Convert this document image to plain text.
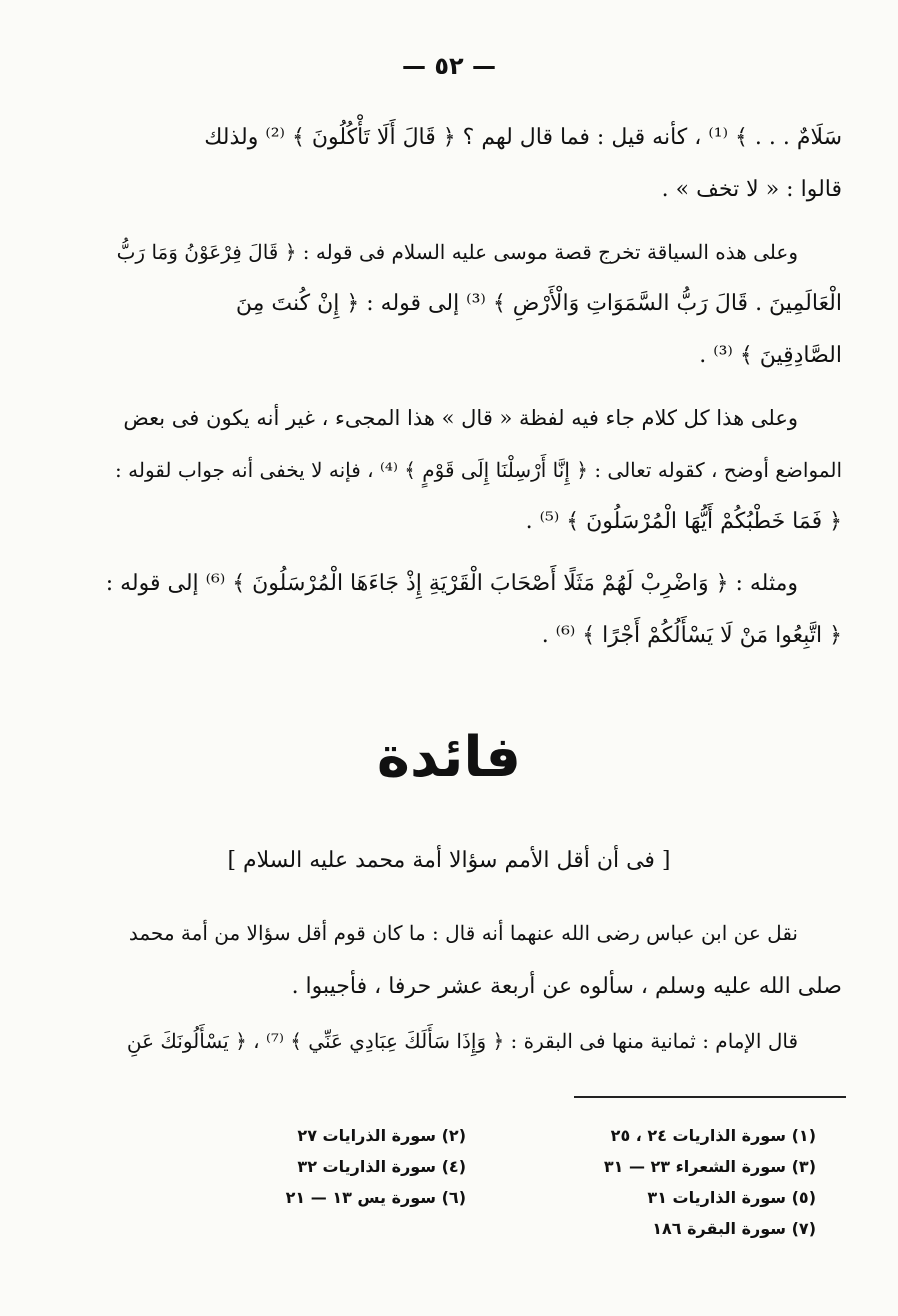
— ٥٢ —
سَلَامٌ . . . ﴾ ⁽¹⁾ ، كأنه قيل : فما قال لهم ؟ ﴿ قَالَ أَلَا تَأْكُلُونَ ﴾ ⁽²⁾ ولذلك
قالوا : « لا تخف » .
وعلى هذه السياقة تخرج قصة موسى عليه السلام فى قوله : ﴿ قَالَ فِرْعَوْنُ وَمَا رَبُّ
الْعَالَمِينَ . قَالَ رَبُّ السَّمَوَاتِ وَالْأَرْضِ ﴾ ⁽³⁾ إلى قوله : ﴿ إِنْ كُنتَ مِنَ
الصَّادِقِينَ ﴾ ⁽³⁾ .
وعلى هذا كل كلام جاء فيه لفظة « قال » هذا المجىء ، غير أنه يكون فى بعض
المواضع أوضح ، كقوله تعالى : ﴿ إِنَّا أَرْسِلْنَا إِلَى قَوْمٍ ﴾ ⁽⁴⁾ ، فإنه لا يخفى أنه جواب لقوله :
﴿ فَمَا خَطْبُكُمْ أَيُّهَا الْمُرْسَلُونَ ﴾ ⁽⁵⁾ .
ومثله : ﴿ وَاضْرِبْ لَهُمْ مَثَلًا أَصْحَابَ الْقَرْيَةِ إِذْ جَاءَهَا الْمُرْسَلُونَ ﴾ ⁽⁶⁾ إلى قوله :
﴿ اتَّبِعُوا مَنْ لَا يَسْأَلُكُمْ أَجْرًا ﴾ ⁽⁶⁾ .
فائدة
[ فى أن أقل الأمم سؤالا أمة محمد عليه السلام ]
نقل عن ابن عباس رضى الله عنهما أنه قال : ما كان قوم أقل سؤالا من أمة محمد
صلى الله عليه وسلم ، سألوه عن أربعة عشر حرفا ، فأجيبوا .
قال الإمام : ثمانية منها فى البقرة : ﴿ وَإِذَا سَأَلَكَ عِبَادِي عَنِّي ﴾ ⁽⁷⁾ ، ﴿ يَسْأَلُونَكَ عَنِ
(١) سورة الذاريات ٢٤ ، ٢٥
(٢) سورة الذرايات ٢٧
(٣) سورة الشعراء ٢٣ — ٣١
(٤) سورة الذاريات ٣٢
(٥) سورة الذاريات ٣١
(٦) سورة يس ١٣ — ٢١
(٧) سورة البقرة ١٨٦
